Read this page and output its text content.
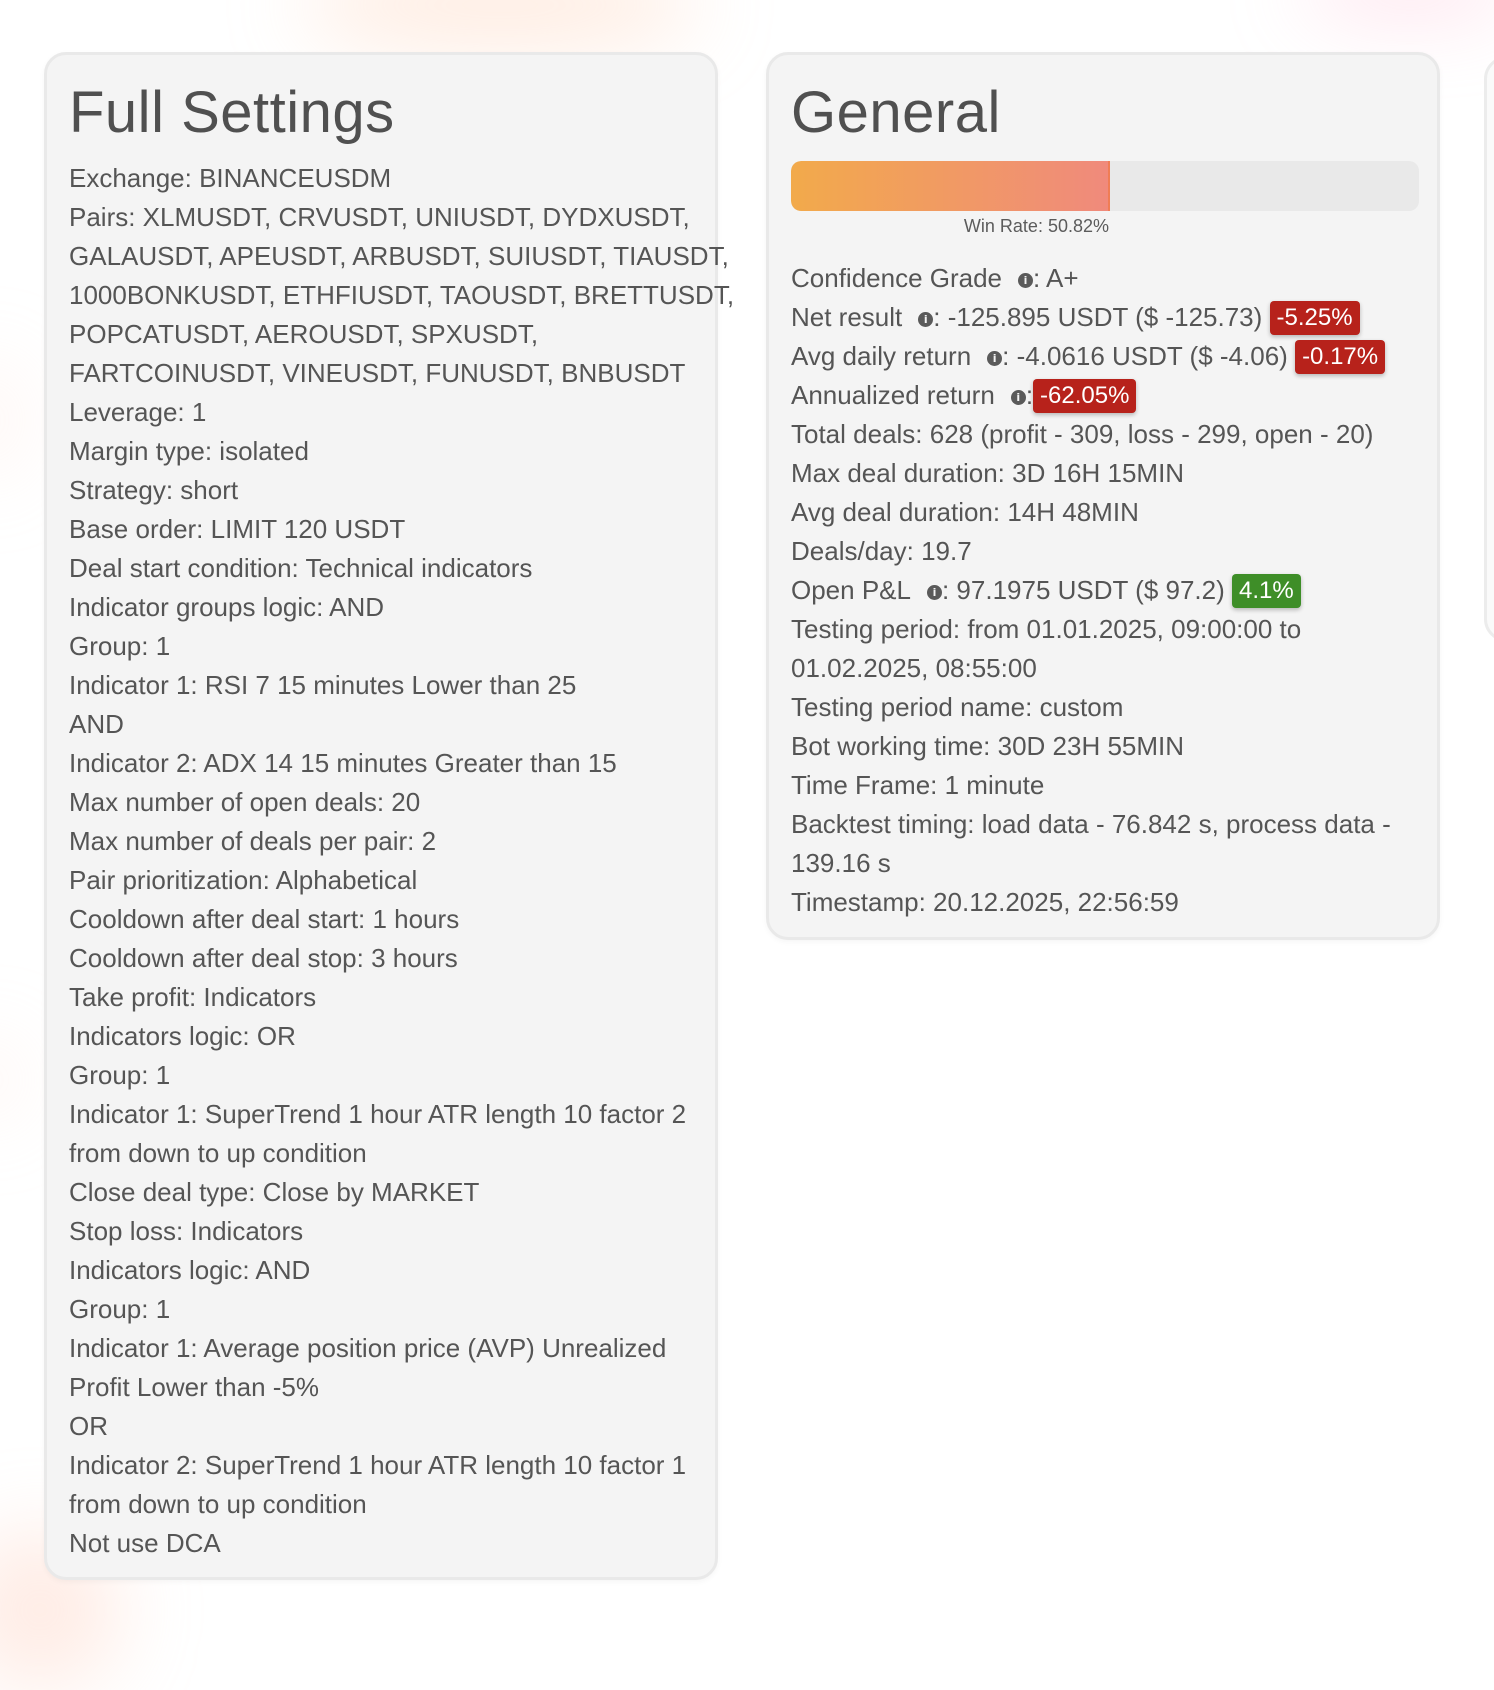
Full Settings
Exchange: BINANCEUSDM
Pairs: XLMUSDT, CRVUSDT, UNIUSDT, DYDXUSDT,
GALAUSDT, APEUSDT, ARBUSDT, SUIUSDT, TIAUSDT,
1000BONKUSDT, ETHFIUSDT, TAOUSDT, BRETTUSDT,
POPCATUSDT, AEROUSDT, SPXUSDT,
FARTCOINUSDT, VINEUSDT, FUNUSDT, BNBUSDT
Leverage: 1
Margin type: isolated
Strategy: short
Base order: LIMIT 120 USDT
Deal start condition: Technical indicators
Indicator groups logic: AND
Group: 1
Indicator 1: RSI 7 15 minutes Lower than 25
AND
Indicator 2: ADX 14 15 minutes Greater than 15
Max number of open deals: 20
Max number of deals per pair: 2
Pair prioritization: Alphabetical
Cooldown after deal start: 1 hours
Cooldown after deal stop: 3 hours
Take profit: Indicators
Indicators logic: OR
Group: 1
Indicator 1: SuperTrend 1 hour ATR length 10 factor 2
from down to up condition
Close deal type: Close by MARKET
Stop loss: Indicators
Indicators logic: AND
Group: 1
Indicator 1: Average position price (AVP) Unrealized
Profit Lower than -5%
OR
Indicator 2: SuperTrend 1 hour ATR length 10 factor 1
from down to up condition
Not use DCA
General
Win Rate: 50.82%
Confidence Grade i : A+
Net result i : -125.895 USDT ($ -125.73) -5.25%
Avg daily return i : -4.0616 USDT ($ -4.06) -0.17%
Annualized return i : -62.05%
Total deals: 628 (profit - 309, loss - 299, open - 20)
Max deal duration: 3D 16H 15MIN
Avg deal duration: 14H 48MIN
Deals/day: 19.7
Open P&L i : 97.1975 USDT ($ 97.2) 4.1%
Testing period: from 01.01.2025, 09:00:00 to
01.02.2025, 08:55:00
Testing period name: custom
Bot working time: 30D 23H 55MIN
Time Frame: 1 minute
Backtest timing: load data - 76.842 s, process data -
139.16 s
Timestamp: 20.12.2025, 22:56:59
